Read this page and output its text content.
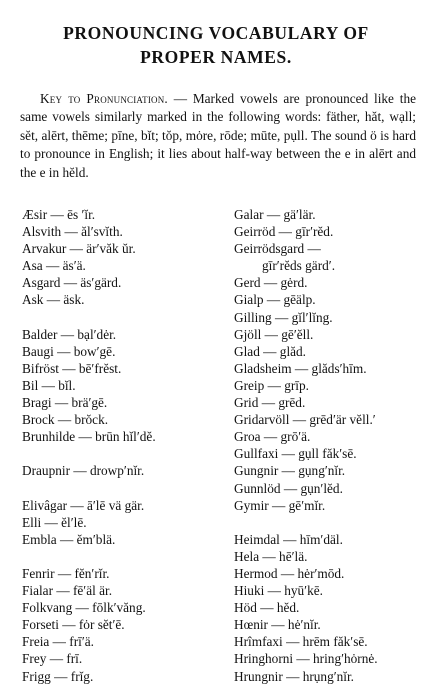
PRONOUNCING VOCABULARY OF
PROPER NAMES.

Key to Pronunciation. — Marked vowels are pronounced like the same vowels similarly marked in the following words: fäther, hăt, wạll; sĕt, alērt, thēme; pīne, bĭt; tŏp, mȯre, rōde; mūte, pụll. The sound ö is hard to pronounce in English; it lies about half-way between the e in alērt and the e in hĕld.

Æsir — ēs ′ĭr.
Alsvith — ăl′svĭth.
Arvakur — är′văk ŭr.
Asa — äs′ä.
Asgard — äs′gärd.
Ask — äsk.
Balder — bạl′dėr.
Baugi — bow′gē.
Bifröst — bē′frĕst.
Bil — bĭl.
Bragi — brä′gē.
Brock — brŏck.
Brunhilde — brūn hĭl′dĕ.
Draupnir — drowp′nĭr.
Elivâgar — ā′lē vä gär.
Elli — ĕl′lē.
Embla — ĕm′blä.
Fenrir — fĕn′rĭr.
Fialar — fē′äl är.
Folkvang — fōlk′văng.
Forseti — fȯr sĕt′ē.
Freia — frī′ä.
Frey — frī.
Frigg — frĭg.
Galar — gä′lär.
Geirröd — gīr′rĕd.
Geirrödsgard —
gīr′rĕds gärd′.
Gerd — gėrd.
Gialp — gēälp.
Gilling — gĭl′lĭng.
Gjöll — gē′ĕll.
Glad — glăd.
Gladsheim — glăds′hīm.
Greip — grīp.
Grid — grēd.
Gridarvöll — grēd′är vĕll.′
Groa — grō′ä.
Gullfaxi — gụll făk′sē.
Gungnir — gụng′nĭr.
Gunnlöd — gụn′lĕd.
Gymir — gē′mĭr.
Heimdal — hīm′däl.
Hela — hē′lä.
Hermod — hėr′mōd.
Hiuki — hyū′kē.
Höd — hĕd.
Hœnir — hė′nĭr.
Hrîmfaxi — hrēm făk′sē.
Hringhorni — hring′hȯrnė.
Hrungnir — hrụng′nĭr.
